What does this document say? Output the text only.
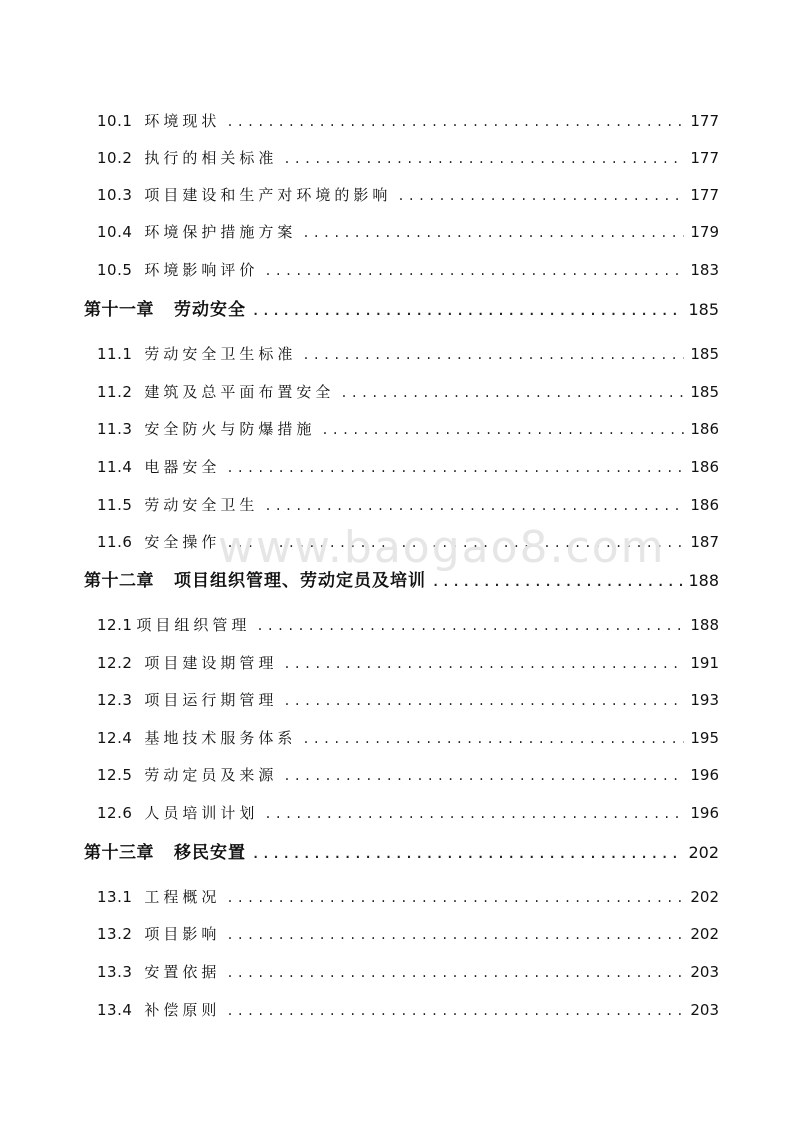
10.1 环境现状 .....	177
10.2 执行的相关标准 .....	177
10.3 项目建设和生产对环境的影响 .....	177
10.4 环境保护措施方案 .....	179
10.5 环境影响评价 .....	183
第十一章 劳动安全 .....	185
11.1 劳动安全卫生标准 .....	185
11.2 建筑及总平面布置安全 .....	185
11.3 安全防火与防爆措施 .....	186
11.4 电器安全 .....	186
11.5 劳动安全卫生 .....	186
11.6 安全操作 .....	187
第十二章 项目组织管理、劳动定员及培训 .....	188
12.1 项目组织管理 .....	188
12.2 项目建设期管理 .....	191
12.3 项目运行期管理 .....	193
12.4 基地技术服务体系 .....	195
12.5 劳动定员及来源 .....	196
12.6 人员培训计划 .....	196
第十三章 移民安置 .....	202
13.1 工程概况 .....	202
13.2 项目影响 .....	202
13.3 安置依据 .....	203
13.4 补偿原则 .....	203
www.baogao8.com
